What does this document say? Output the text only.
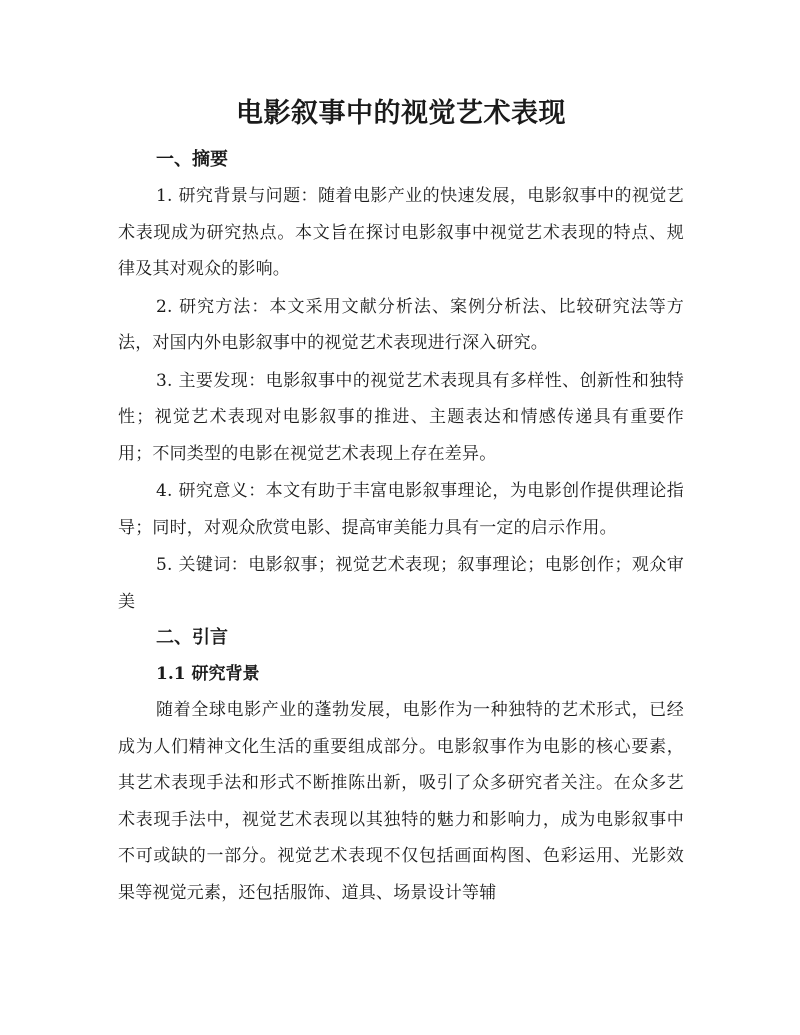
电影叙事中的视觉艺术表现
一、摘要

1. 研究背景与问题：随着电影产业的快速发展，电影叙事中的视觉艺术表现成为研究热点。本文旨在探讨电影叙事中视觉艺术表现的特点、规律及其对观众的影响。

2. 研究方法：本文采用文献分析法、案例分析法、比较研究法等方法，对国内外电影叙事中的视觉艺术表现进行深入研究。

3. 主要发现：电影叙事中的视觉艺术表现具有多样性、创新性和独特性；视觉艺术表现对电影叙事的推进、主题表达和情感传递具有重要作用；不同类型的电影在视觉艺术表现上存在差异。

4. 研究意义：本文有助于丰富电影叙事理论，为电影创作提供理论指导；同时，对观众欣赏电影、提高审美能力具有一定的启示作用。

5. 关键词：电影叙事；视觉艺术表现；叙事理论；电影创作；观众审美

二、引言
1.1 研究背景

随着全球电影产业的蓬勃发展，电影作为一种独特的艺术形式，已经成为人们精神文化生活的重要组成部分。电影叙事作为电影的核心要素，其艺术表现手法和形式不断推陈出新，吸引了众多研究者关注。在众多艺术表现手法中，视觉艺术表现以其独特的魅力和影响力，成为电影叙事中不可或缺的一部分。视觉艺术表现不仅包括画面构图、色彩运用、光影效果等视觉元素，还包括服饰、道具、场景设计等辅
